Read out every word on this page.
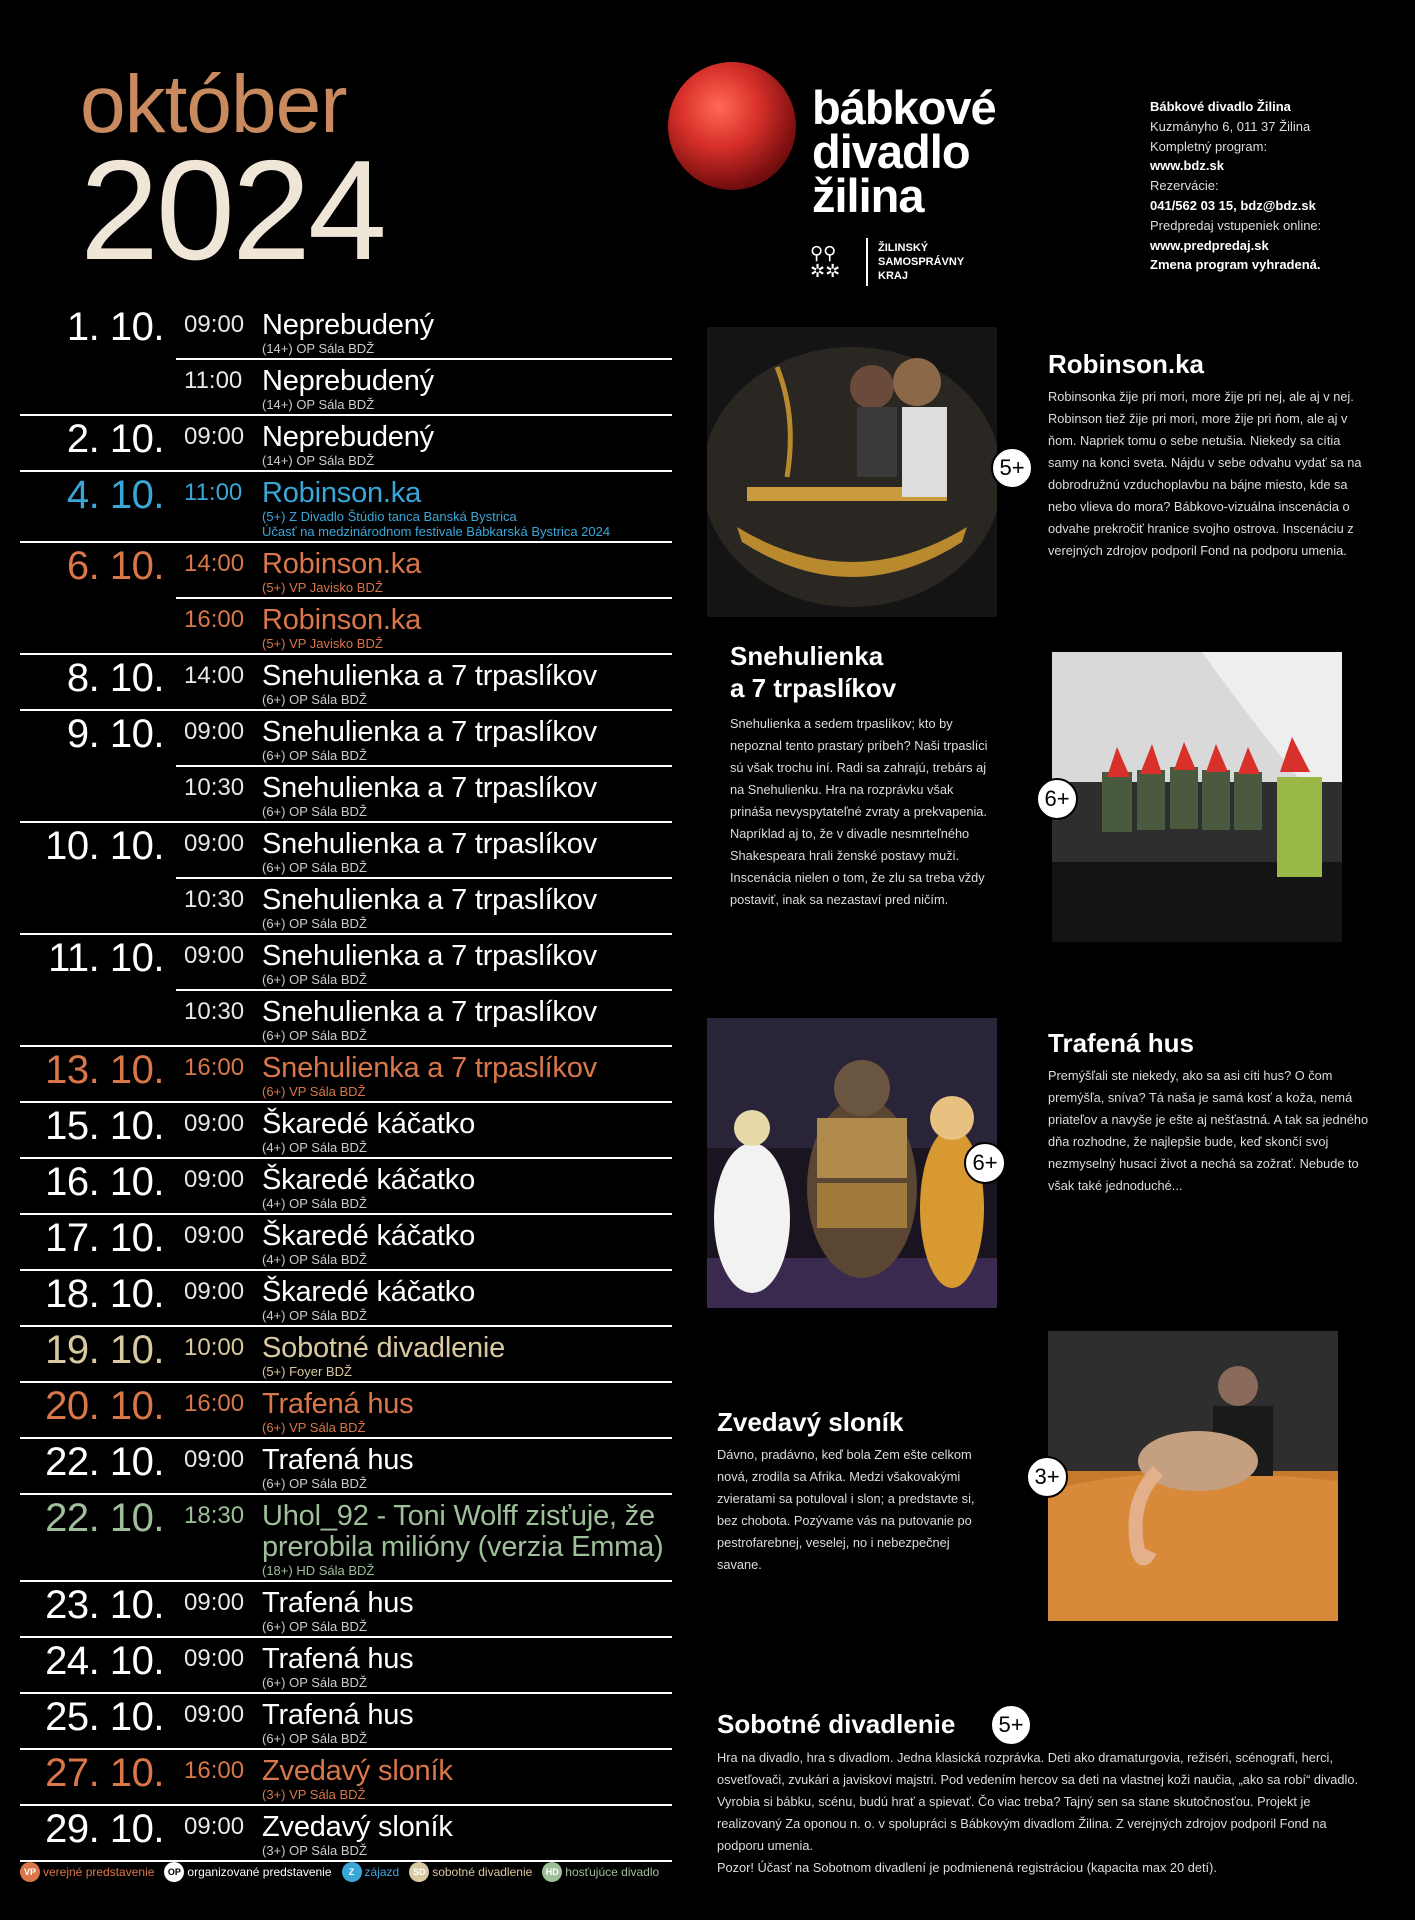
október
2024
bábkové
divadlo
žilina
⚲⚲
✲✲
ŽILINSKÝ
SAMOSPRÁVNY
KRAJ
Bábkové divadlo Žilina
Kuzmányho 6, 011 37 Žilina
Kompletný program:
www.bdz.sk
Rezervácie:
041/562 03 15, bdz@bdz.sk
Predpredaj vstupeniek online:
www.predpredaj.sk
Zmena program vyhradená.
1. 10. 09:00 Neprebudený
(14+) OP Sála BDŽ
11:00 Neprebudený
(14+) OP Sála BDŽ
2. 10. 09:00 Neprebudený
(14+) OP Sála BDŽ
4. 10. 11:00 Robinson.ka
(5+) Z Divadlo Štúdio tanca Banská Bystrica
Účasť na medzinárodnom festivale Bábkarská Bystrica 2024
6. 10. 14:00 Robinson.ka
(5+) VP Javisko BDŽ
16:00 Robinson.ka
(5+) VP Javisko BDŽ
8. 10. 14:00 Snehulienka a 7 trpaslíkov
(6+) OP Sála BDŽ
9. 10. 09:00 Snehulienka a 7 trpaslíkov
(6+) OP Sála BDŽ
10:30 Snehulienka a 7 trpaslíkov
(6+) OP Sála BDŽ
10. 10. 09:00 Snehulienka a 7 trpaslíkov
(6+) OP Sála BDŽ
10:30 Snehulienka a 7 trpaslíkov
(6+) OP Sála BDŽ
11. 10. 09:00 Snehulienka a 7 trpaslíkov
(6+) OP Sála BDŽ
10:30 Snehulienka a 7 trpaslíkov
(6+) OP Sála BDŽ
13. 10. 16:00 Snehulienka a 7 trpaslíkov
(6+) VP Sála BDŽ
15. 10. 09:00 Škaredé káčatko
(4+) OP Sála BDŽ
16. 10. 09:00 Škaredé káčatko
(4+) OP Sála BDŽ
17. 10. 09:00 Škaredé káčatko
(4+) OP Sála BDŽ
18. 10. 09:00 Škaredé káčatko
(4+) OP Sála BDŽ
19. 10. 10:00 Sobotné divadlenie
(5+) Foyer BDŽ
20. 10. 16:00 Trafená hus
(6+) VP Sála BDŽ
22. 10. 09:00 Trafená hus
(6+) OP Sála BDŽ
22. 10. 18:30 Uhol_92 - Toni Wolff zisťuje, že prerobila milióny (verzia Emma)
(18+) HD Sála BDŽ
23. 10. 09:00 Trafená hus
(6+) OP Sála BDŽ
24. 10. 09:00 Trafená hus
(6+) OP Sála BDŽ
25. 10. 09:00 Trafená hus
(6+) OP Sála BDŽ
27. 10. 16:00 Zvedavý sloník
(3+) VP Sála BDŽ
29. 10. 09:00 Zvedavý sloník
(3+) OP Sála BDŽ
VP verejné predstavenie	OP organizované predstavenie	Z zájazd	SD sobotné divadlenie	HD hosťujúce divadlo
5+
Robinson.ka
Robinsonka žije pri mori, more žije pri nej, ale aj v nej. Robinson tiež žije pri mori, more žije pri ňom, ale aj v ňom. Napriek tomu o sebe netušia. Niekedy sa cítia samy na konci sveta. Nájdu v sebe odvahu vydať sa na dobrodružnú vzduchoplavbu na bájne miesto, kde sa nebo vlieva do mora? Bábkovo-vizuálna inscenácia o odvahe prekročiť hranice svojho ostrova. Inscenáciu z verejných zdrojov podporil Fond na podporu umenia.
Snehulienka
a 7 trpaslíkov
Snehulienka a sedem trpaslíkov; kto by nepoznal tento prastarý príbeh? Naši trpaslíci sú však trochu iní. Radi sa zahrajú, trebárs aj na Snehulienku. Hra na rozprávku však prináša nevyspytateľné zvraty a prekvapenia. Napríklad aj to, že v divadle nesmrteľného Shakespeara hrali ženské postavy muži. Inscenácia nielen o tom, že zlu sa treba vždy postaviť, inak sa nezastaví pred ničím.
6+
6+
Trafená hus
Premýšľali ste niekedy, ako sa asi cíti hus? O čom premýšľa, sníva? Tá naša je samá kosť a koža, nemá priateľov a navyše je ešte aj nešťastná. A tak sa jedného dňa rozhodne, že najlepšie bude, keď skončí svoj nezmyselný husací život a nechá sa zožrať. Nebude to však také jednoduché...
Zvedavý sloník
Dávno, pradávno, keď bola Zem ešte celkom nová, zrodila sa Afrika. Medzi všakovakými zvieratami sa potuloval i slon; a predstavte si, bez chobota. Pozývame vás na putovanie po pestrofarebnej, veselej, no i nebezpečnej savane.
3+
Sobotné divadlenie	5+
Hra na divadlo, hra s divadlom. Jedna klasická rozprávka. Deti ako dramaturgovia, režiséri, scénografi, herci, osvetľovači, zvukári a javiskoví majstri. Pod vedením hercov sa deti na vlastnej koži naučia, „ako sa robí“ divadlo. Vyrobia si bábku, scénu, budú hrať a spievať. Čo viac treba? Tajný sen sa stane skutočnosťou. Projekt je realizovaný Za oponou n. o. v spolupráci s Bábkovým divadlom Žilina. Z verejných zdrojov podporil Fond na podporu umenia.
Pozor! Účasť na Sobotnom divadlení je podmienená registráciou (kapacita max 20 detí).
